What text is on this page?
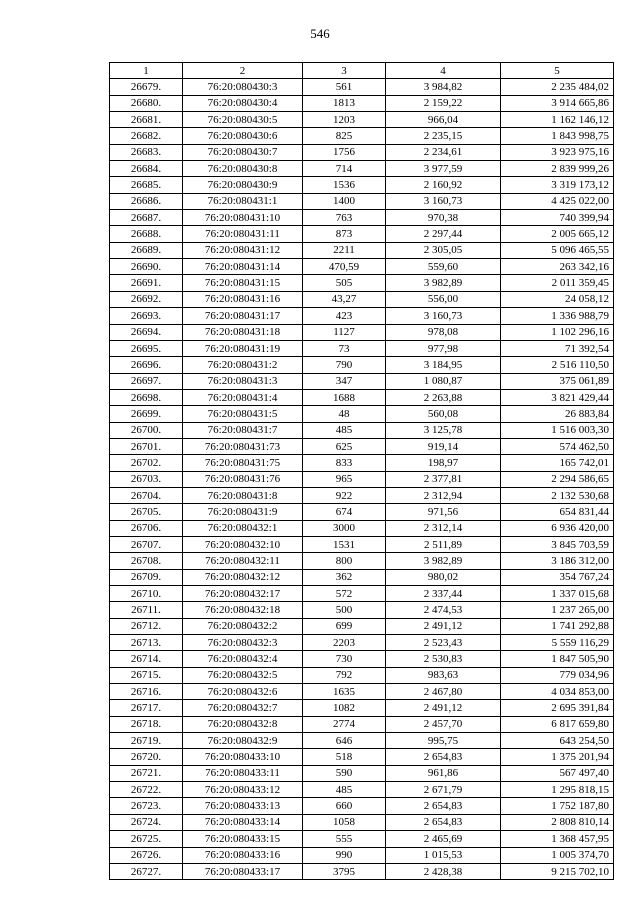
546
1	2	3	4	5
26679.	76:20:080430:3	561	3 984,82	2 235 484,02
26680.	76:20:080430:4	1813	2 159,22	3 914 665,86
26681.	76:20:080430:5	1203	966,04	1 162 146,12
26682.	76:20:080430:6	825	2 235,15	1 843 998,75
26683.	76:20:080430:7	1756	2 234,61	3 923 975,16
26684.	76:20:080430:8	714	3 977,59	2 839 999,26
26685.	76:20:080430:9	1536	2 160,92	3 319 173,12
26686.	76:20:080431:1	1400	3 160,73	4 425 022,00
26687.	76:20:080431:10	763	970,38	740 399,94
26688.	76:20:080431:11	873	2 297,44	2 005 665,12
26689.	76:20:080431:12	2211	2 305,05	5 096 465,55
26690.	76:20:080431:14	470,59	559,60	263 342,16
26691.	76:20:080431:15	505	3 982,89	2 011 359,45
26692.	76:20:080431:16	43,27	556,00	24 058,12
26693.	76:20:080431:17	423	3 160,73	1 336 988,79
26694.	76:20:080431:18	1127	978,08	1 102 296,16
26695.	76:20:080431:19	73	977,98	71 392,54
26696.	76:20:080431:2	790	3 184,95	2 516 110,50
26697.	76:20:080431:3	347	1 080,87	375 061,89
26698.	76:20:080431:4	1688	2 263,88	3 821 429,44
26699.	76:20:080431:5	48	560,08	26 883,84
26700.	76:20:080431:7	485	3 125,78	1 516 003,30
26701.	76:20:080431:73	625	919,14	574 462,50
26702.	76:20:080431:75	833	198,97	165 742,01
26703.	76:20:080431:76	965	2 377,81	2 294 586,65
26704.	76:20:080431:8	922	2 312,94	2 132 530,68
26705.	76:20:080431:9	674	971,56	654 831,44
26706.	76:20:080432:1	3000	2 312,14	6 936 420,00
26707.	76:20:080432:10	1531	2 511,89	3 845 703,59
26708.	76:20:080432:11	800	3 982,89	3 186 312,00
26709.	76:20:080432:12	362	980,02	354 767,24
26710.	76:20:080432:17	572	2 337,44	1 337 015,68
26711.	76:20:080432:18	500	2 474,53	1 237 265,00
26712.	76:20:080432:2	699	2 491,12	1 741 292,88
26713.	76:20:080432:3	2203	2 523,43	5 559 116,29
26714.	76:20:080432:4	730	2 530,83	1 847 505,90
26715.	76:20:080432:5	792	983,63	779 034,96
26716.	76:20:080432:6	1635	2 467,80	4 034 853,00
26717.	76:20:080432:7	1082	2 491,12	2 695 391,84
26718.	76:20:080432:8	2774	2 457,70	6 817 659,80
26719.	76:20:080432:9	646	995,75	643 254,50
26720.	76:20:080433:10	518	2 654,83	1 375 201,94
26721.	76:20:080433:11	590	961,86	567 497,40
26722.	76:20:080433:12	485	2 671,79	1 295 818,15
26723.	76:20:080433:13	660	2 654,83	1 752 187,80
26724.	76:20:080433:14	1058	2 654,83	2 808 810,14
26725.	76:20:080433:15	555	2 465,69	1 368 457,95
26726.	76:20:080433:16	990	1 015,53	1 005 374,70
26727.	76:20:080433:17	3795	2 428,38	9 215 702,10
